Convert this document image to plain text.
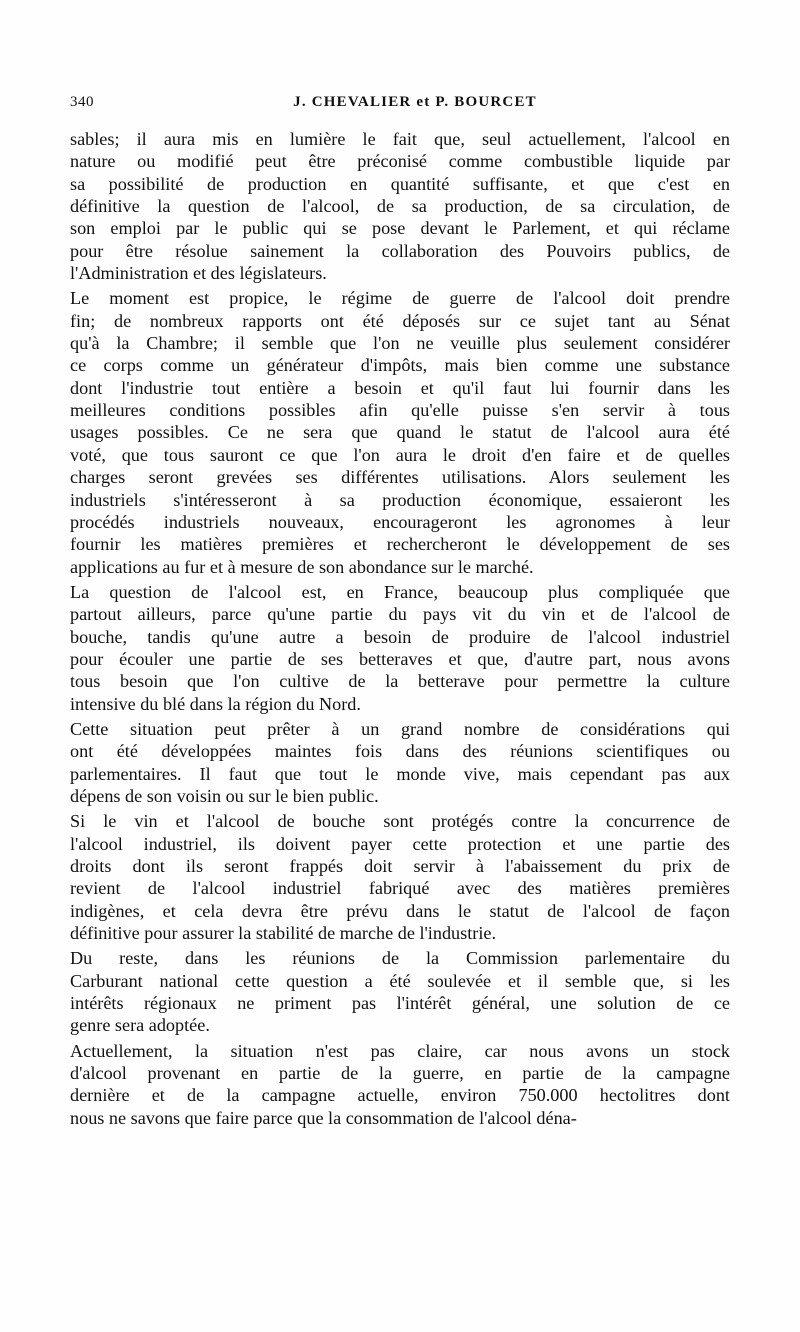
340	J. CHEVALIER et P. BOURCET
sables; il aura mis en lumière le fait que, seul actuellement, l'alcool en
nature ou modifié peut être préconisé comme combustible liquide par
sa possibilité de production en quantité suffisante, et que c'est en
définitive la question de l'alcool, de sa production, de sa circulation, de
son emploi par le public qui se pose devant le Parlement, et qui réclame
pour être résolue sainement la collaboration des Pouvoirs publics, de
l'Administration et des législateurs.
Le moment est propice, le régime de guerre de l'alcool doit prendre
fin; de nombreux rapports ont été déposés sur ce sujet tant au Sénat
qu'à la Chambre; il semble que l'on ne veuille plus seulement considérer
ce corps comme un générateur d'impôts, mais bien comme une substance
dont l'industrie tout entière a besoin et qu'il faut lui fournir dans les
meilleures conditions possibles afin qu'elle puisse s'en servir à tous
usages possibles. Ce ne sera que quand le statut de l'alcool aura été
voté, que tous sauront ce que l'on aura le droit d'en faire et de quelles
charges seront grevées ses différentes utilisations. Alors seulement les
industriels s'intéresseront à sa production économique, essaieront les
procédés industriels nouveaux, encourageront les agronomes à leur
fournir les matières premières et rechercheront le développement de ses
applications au fur et à mesure de son abondance sur le marché.
La question de l'alcool est, en France, beaucoup plus compliquée que
partout ailleurs, parce qu'une partie du pays vit du vin et de l'alcool de
bouche, tandis qu'une autre a besoin de produire de l'alcool industriel
pour écouler une partie de ses betteraves et que, d'autre part, nous avons
tous besoin que l'on cultive de la betterave pour permettre la culture
intensive du blé dans la région du Nord.
Cette situation peut prêter à un grand nombre de considérations qui
ont été développées maintes fois dans des réunions scientifiques ou
parlementaires. Il faut que tout le monde vive, mais cependant pas aux
dépens de son voisin ou sur le bien public.
Si le vin et l'alcool de bouche sont protégés contre la concurrence de
l'alcool industriel, ils doivent payer cette protection et une partie des
droits dont ils seront frappés doit servir à l'abaissement du prix de
revient de l'alcool industriel fabriqué avec des matières premières
indigènes, et cela devra être prévu dans le statut de l'alcool de façon
définitive pour assurer la stabilité de marche de l'industrie.
Du reste, dans les réunions de la Commission parlementaire du
Carburant national cette question a été soulevée et il semble que, si les
intérêts régionaux ne priment pas l'intérêt général, une solution de ce
genre sera adoptée.
Actuellement, la situation n'est pas claire, car nous avons un stock
d'alcool provenant en partie de la guerre, en partie de la campagne
dernière et de la campagne actuelle, environ 750.000 hectolitres dont
nous ne savons que faire parce que la consommation de l'alcool déna-
